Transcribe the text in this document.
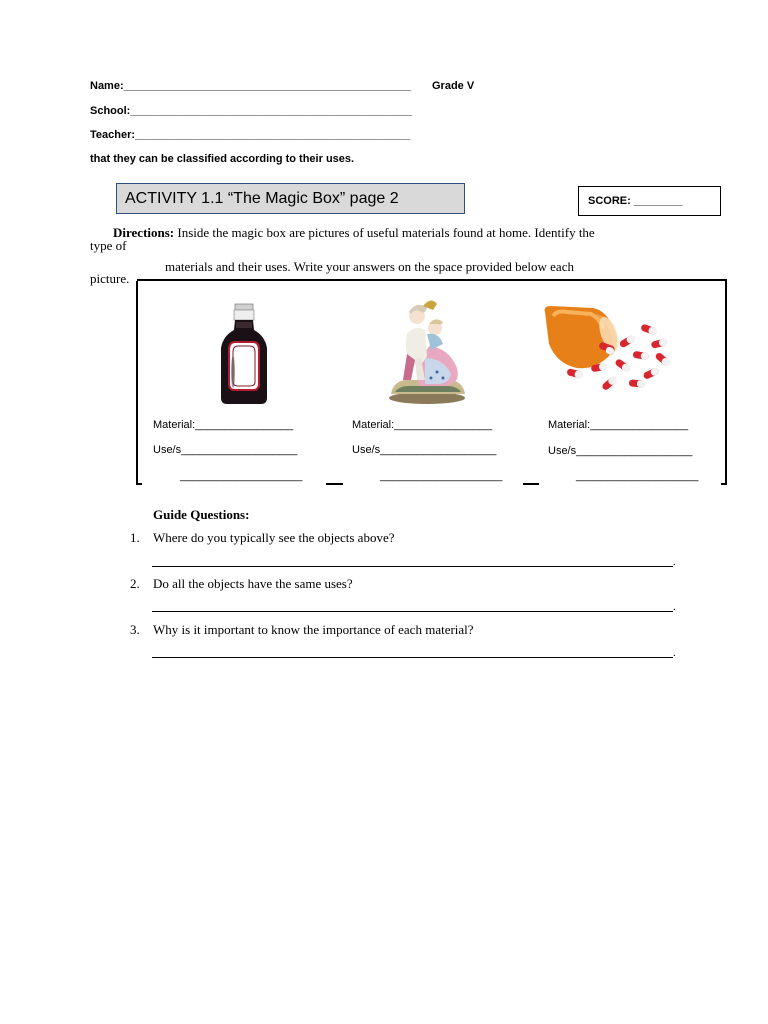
Name:_______________________________________________ Grade V
School:______________________________________________
Teacher:_____________________________________________
that they can be classified according to their uses.
ACTIVITY 1.1 “The Magic Box” page 2	SCORE: ________
Directions: Inside the magic box are pictures of useful materials found at home. Identify the
type of
materials and their uses. Write your answers on the space provided below each
picture.
Material:________________
Use/s___________________
____________________
Material:________________
Use/s___________________
____________________
Material:________________
Use/s___________________
____________________
Guide Questions:
1. Where do you typically see the objects above?
.
2. Do all the objects have the same uses?
.
3. Why is it important to know the importance of each material?
.
